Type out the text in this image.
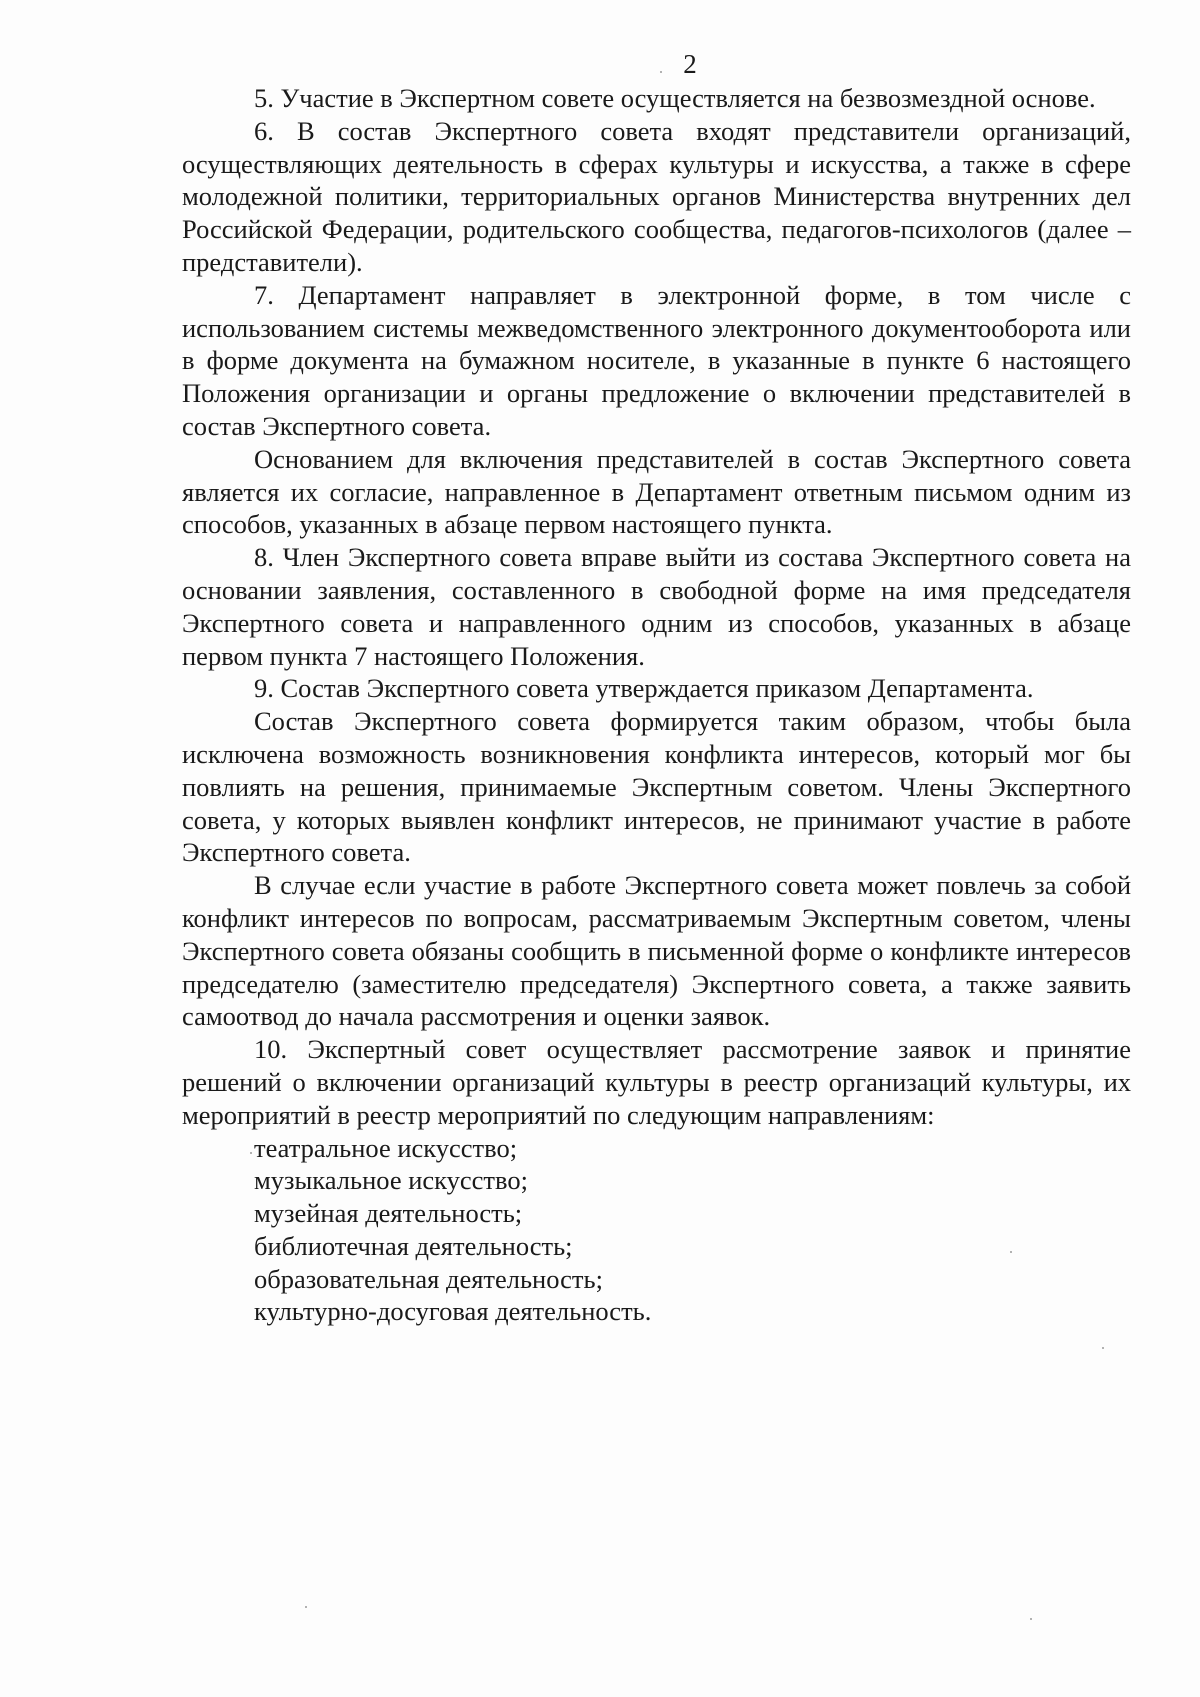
2

5. Участие в Экспертном совете осуществляется на безвозмездной основе.

6. В состав Экспертного совета входят представители организаций, осуществляющих деятельность в сферах культуры и искусства, а также в сфере молодежной политики, территориальных органов Министерства внутренних дел Российской Федерации, родительского сообщества, педагогов-психологов (далее – представители).

7. Департамент направляет в электронной форме, в том числе с использованием системы межведомственного электронного документооборота или в форме документа на бумажном носителе, в указанные в пункте 6 настоящего Положения организации и органы предложение о включении представителей в состав Экспертного совета.

Основанием для включения представителей в состав Экспертного совета является их согласие, направленное в Департамент ответным письмом одним из способов, указанных в абзаце первом настоящего пункта.

8. Член Экспертного совета вправе выйти из состава Экспертного совета на основании заявления, составленного в свободной форме на имя председателя Экспертного совета и направленного одним из способов, указанных в абзаце первом пункта 7 настоящего Положения.

9. Состав Экспертного совета утверждается приказом Департамента.

Состав Экспертного совета формируется таким образом, чтобы была исключена возможность возникновения конфликта интересов, который мог бы повлиять на решения, принимаемые Экспертным советом. Члены Экспертного совета, у которых выявлен конфликт интересов, не принимают участие в работе Экспертного совета.

В случае если участие в работе Экспертного совета может повлечь за собой конфликт интересов по вопросам, рассматриваемым Экспертным советом, члены Экспертного совета обязаны сообщить в письменной форме о конфликте интересов председателю (заместителю председателя) Экспертного совета, а также заявить самоотвод до начала рассмотрения и оценки заявок.

10. Экспертный совет осуществляет рассмотрение заявок и принятие решений о включении организаций культуры в реестр организаций культуры, их мероприятий в реестр мероприятий по следующим направлениям:

театральное искусство;
музыкальное искусство;
музейная деятельность;
библиотечная деятельность;
образовательная деятельность;
культурно-досуговая деятельность.
